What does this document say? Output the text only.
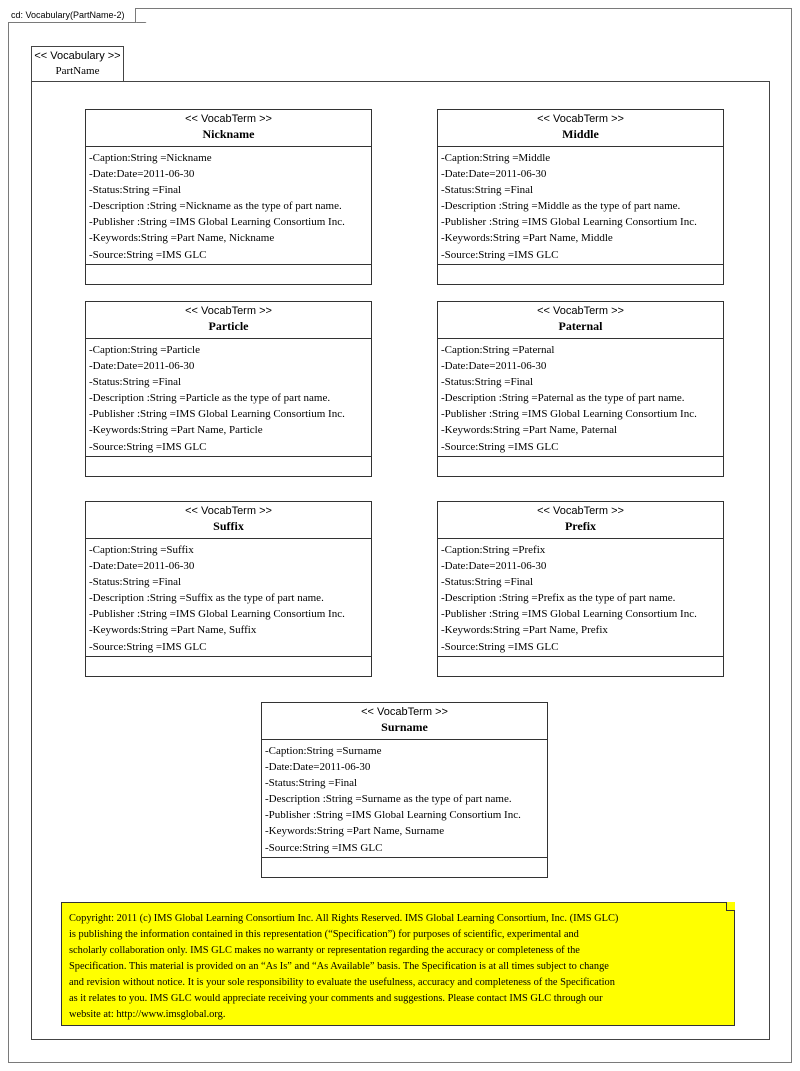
cd: Vocabulary(PartName-2)
<< Vocabulary >>
PartName
<< VocabTerm >>
Nickname
-Caption:String =Nickname
-Date:Date=2011-06-30
-Status:String =Final
-Description :String =Nickname as the type of part name.
-Publisher :String =IMS Global Learning Consortium Inc.
-Keywords:String =Part Name, Nickname
-Source:String =IMS GLC
<< VocabTerm >>
Middle
-Caption:String =Middle
-Date:Date=2011-06-30
-Status:String =Final
-Description :String =Middle as the type of part name.
-Publisher :String =IMS Global Learning Consortium Inc.
-Keywords:String =Part Name, Middle
-Source:String =IMS GLC
<< VocabTerm >>
Particle
-Caption:String =Particle
-Date:Date=2011-06-30
-Status:String =Final
-Description :String =Particle as the type of part name.
-Publisher :String =IMS Global Learning Consortium Inc.
-Keywords:String =Part Name, Particle
-Source:String =IMS GLC
<< VocabTerm >>
Paternal
-Caption:String =Paternal
-Date:Date=2011-06-30
-Status:String =Final
-Description :String =Paternal as the type of part name.
-Publisher :String =IMS Global Learning Consortium Inc.
-Keywords:String =Part Name, Paternal
-Source:String =IMS GLC
<< VocabTerm >>
Suffix
-Caption:String =Suffix
-Date:Date=2011-06-30
-Status:String =Final
-Description :String =Suffix as the type of part name.
-Publisher :String =IMS Global Learning Consortium Inc.
-Keywords:String =Part Name, Suffix
-Source:String =IMS GLC
<< VocabTerm >>
Prefix
-Caption:String =Prefix
-Date:Date=2011-06-30
-Status:String =Final
-Description :String =Prefix as the type of part name.
-Publisher :String =IMS Global Learning Consortium Inc.
-Keywords:String =Part Name, Prefix
-Source:String =IMS GLC
<< VocabTerm >>
Surname
-Caption:String =Surname
-Date:Date=2011-06-30
-Status:String =Final
-Description :String =Surname as the type of part name.
-Publisher :String =IMS Global Learning Consortium Inc.
-Keywords:String =Part Name, Surname
-Source:String =IMS GLC

Copyright: 2011 (c) IMS Global Learning Consortium Inc. All Rights Reserved. IMS Global Learning Consortium, Inc. (IMS GLC)

is publishing the information contained in this representation (“Specification”) for purposes of scientific, experimental and

scholarly collaboration only. IMS GLC makes no warranty or representation regarding the accuracy or completeness of the

Specification. This material is provided on an “As Is” and “As Available” basis. The Specification is at all times subject to change

and revision without notice. It is your sole responsibility to evaluate the usefulness, accuracy and completeness of the Specification

as it relates to you. IMS GLC would appreciate receiving your comments and suggestions. Please contact IMS GLC through our

website at: http://www.imsglobal.org.
